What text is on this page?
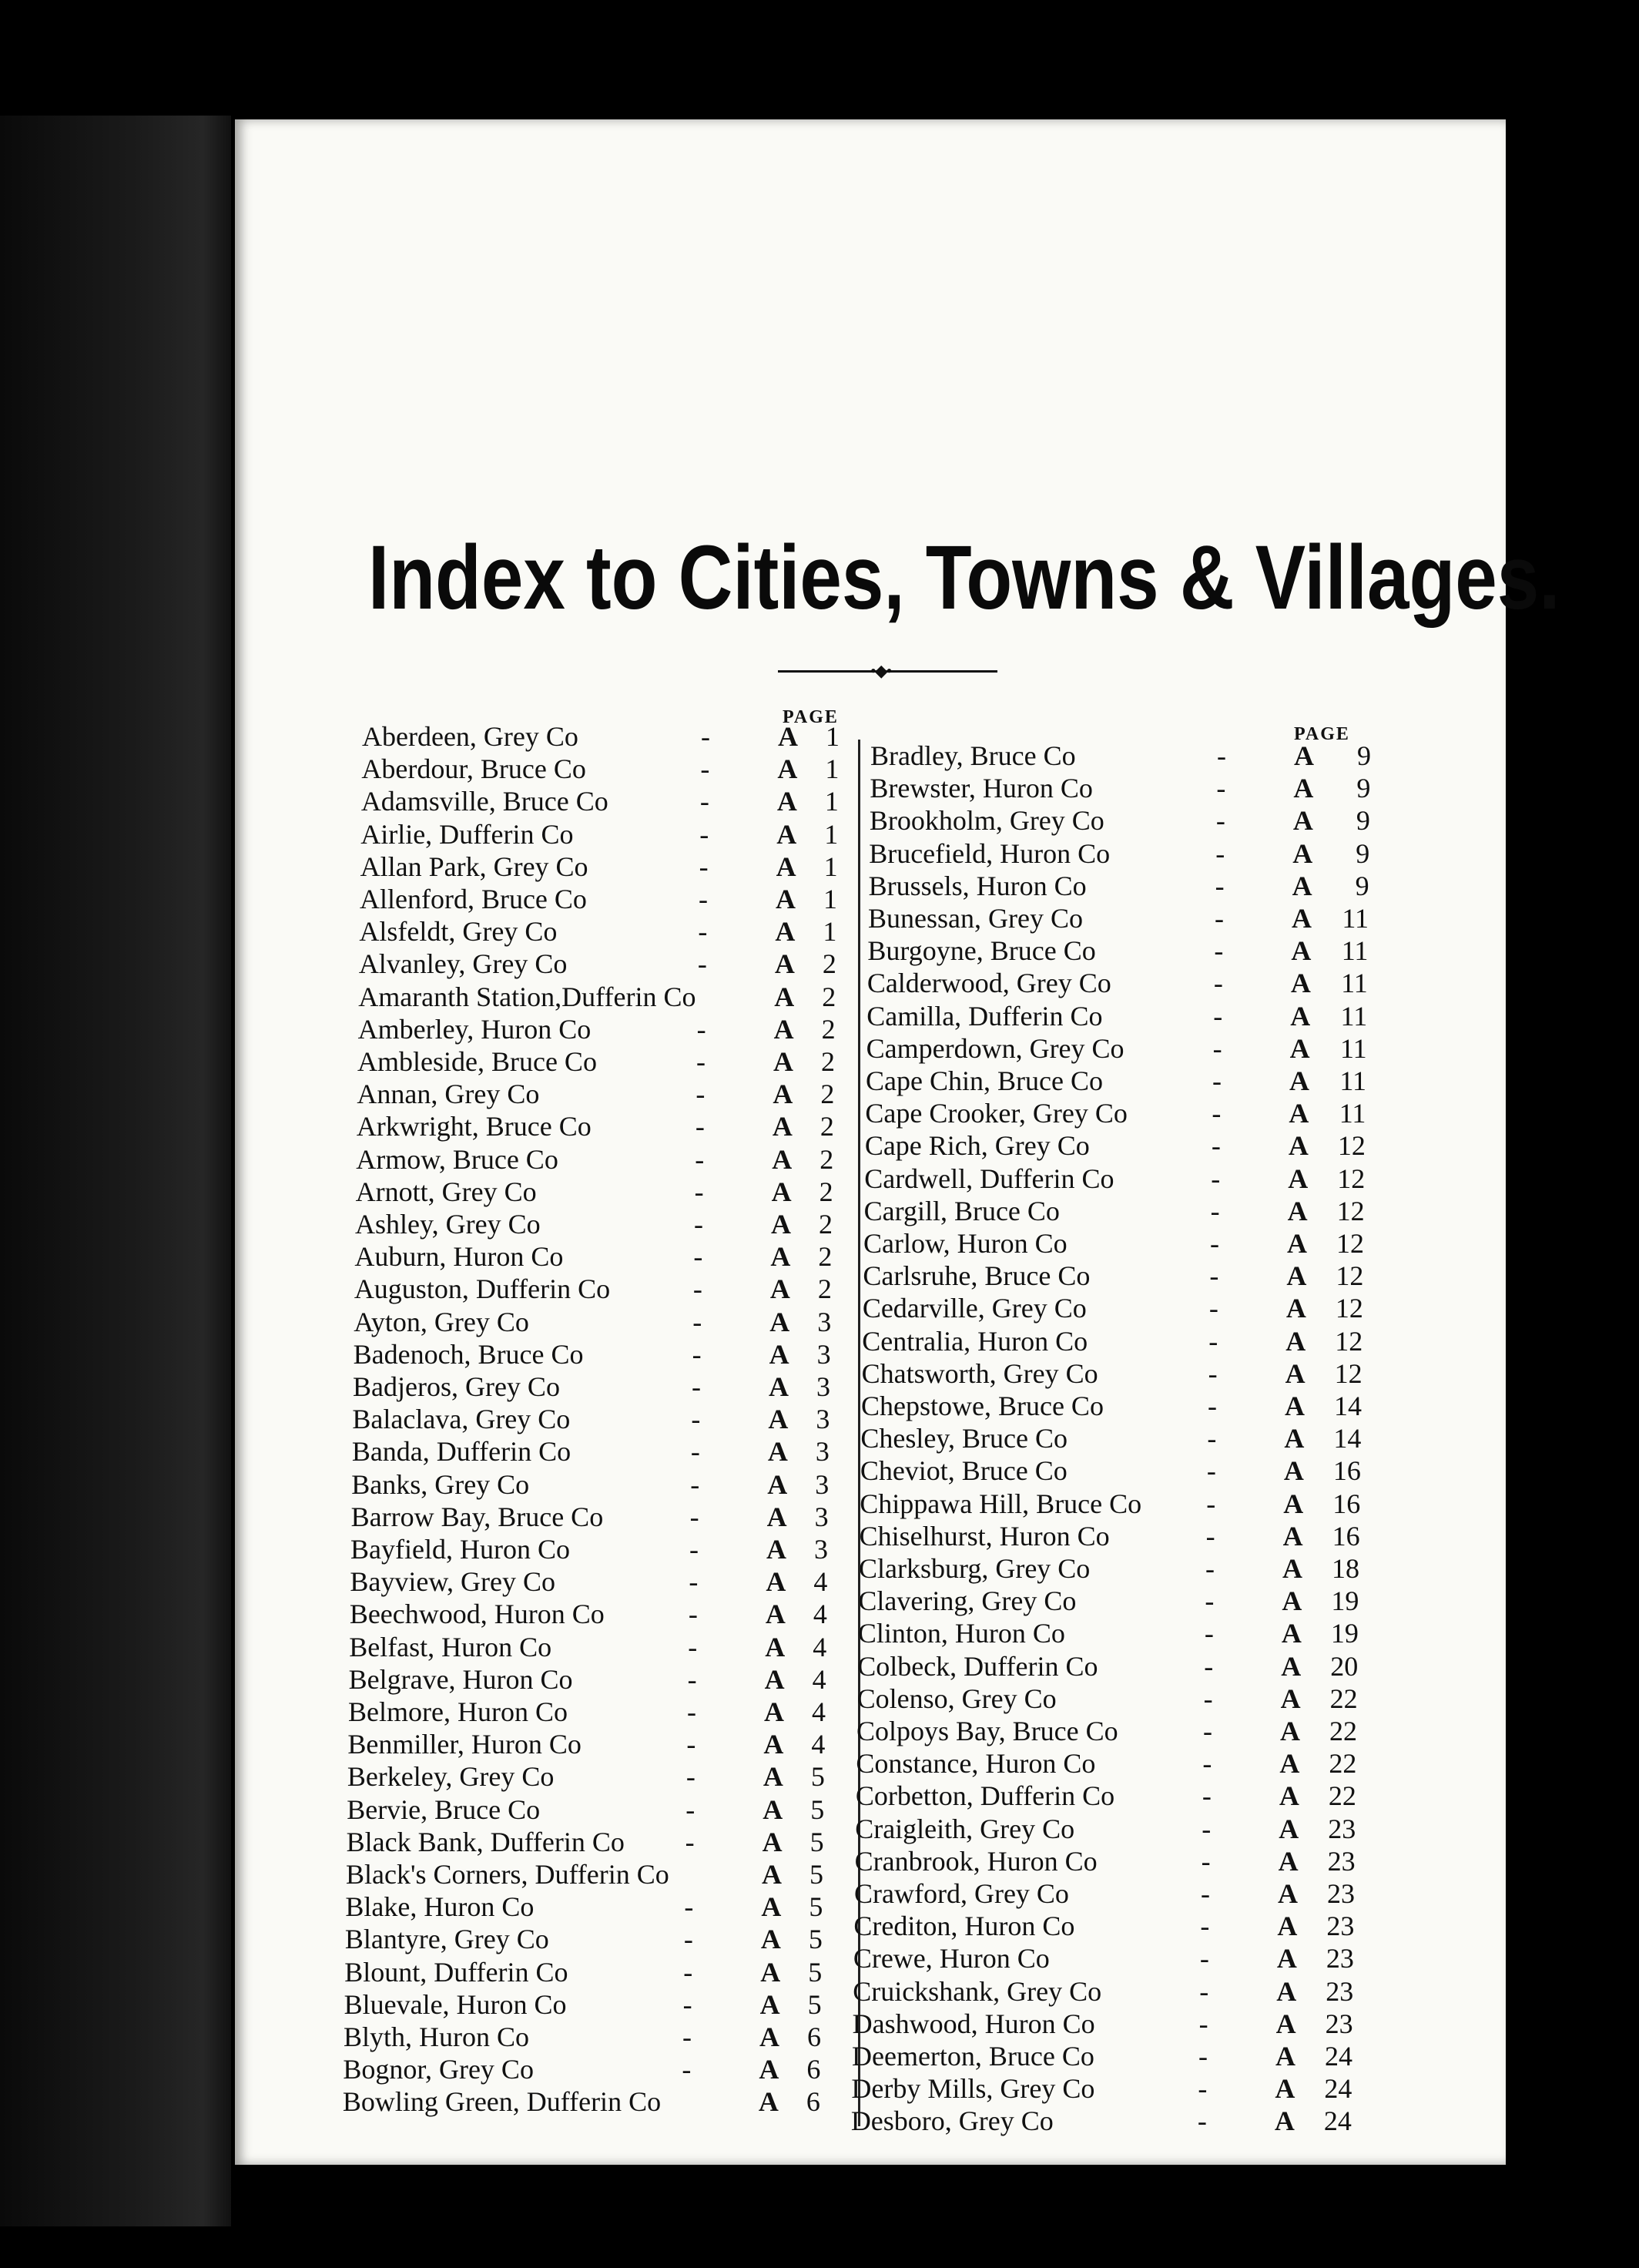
Index to Cities, Towns & Villages.
•◆•
PAGE
PAGE
Aberdeen, Grey Co	- A	1
Aberdour, Bruce Co	- A	1
Adamsville, Bruce Co	- A	1
Airlie, Dufferin Co	- A	1
Allan Park, Grey Co	- A	1
Allenford, Bruce Co	- A	1
Alsfeldt, Grey Co	- A	1
Alvanley, Grey Co	- A	2
Amaranth Station,Dufferin Co	A	2
Amberley, Huron Co	- A	2
Ambleside, Bruce Co	- A	2
Annan, Grey Co	- A	2
Arkwright, Bruce Co	- A	2
Armow, Bruce Co	- A	2
Arnott, Grey Co	- A	2
Ashley, Grey Co	- A	2
Auburn, Huron Co	- A	2
Auguston, Dufferin Co	- A	2
Ayton, Grey Co	- A	3
Badenoch, Bruce Co	- A	3
Badjeros, Grey Co	- A	3
Balaclava, Grey Co	- A	3
Banda, Dufferin Co	- A	3
Banks, Grey Co	- A	3
Barrow Bay, Bruce Co	- A	3
Bayfield, Huron Co	- A	3
Bayview, Grey Co	- A	4
Beechwood, Huron Co	- A	4
Belfast, Huron Co	- A	4
Belgrave, Huron Co	- A	4
Belmore, Huron Co	- A	4
Benmiller, Huron Co	- A	4
Berkeley, Grey Co	- A	5
Bervie, Bruce Co	- A	5
Black Bank, Dufferin Co - A	5
Black's Corners, Dufferin Co	A	5
Blake, Huron Co	- A	5
Blantyre, Grey Co	- A	5
Blount, Dufferin Co	- A	5
Bluevale, Huron Co	- A	5
Blyth, Huron Co	- A	6
Bognor, Grey Co	- A	6
Bowling Green, Dufferin Co	A	6
Bradley, Bruce Co	- A	9
Brewster, Huron Co	- A	9
Brookholm, Grey Co	- A	9
Brucefield, Huron Co	- A	9
Brussels, Huron Co	- A	9
Bunessan, Grey Co	- A	11
Burgoyne, Bruce Co	- A	11
Calderwood, Grey Co	- A	11
Camilla, Dufferin Co	- A	11
Camperdown, Grey Co	- A	11
Cape Chin, Bruce Co	- A	11
Cape Crooker, Grey Co	- A	11
Cape Rich, Grey Co	- A	12
Cardwell, Dufferin Co	- A	12
Cargill, Bruce Co	- A	12
Carlow, Huron Co	- A	12
Carlsruhe, Bruce Co	- A	12
Cedarville, Grey Co	- A	12
Centralia, Huron Co	- A	12
Chatsworth, Grey Co	- A	12
Chepstowe, Bruce Co	- A	14
Chesley, Bruce Co	- A	14
Cheviot, Bruce Co	- A	16
Chippawa Hill, Bruce Co - A	16
Chiselhurst, Huron Co	- A	16
Clarksburg, Grey Co	- A	18
Clavering, Grey Co	- A	19
Clinton, Huron Co	- A	19
Colbeck, Dufferin Co	- A	20
Colenso, Grey Co	- A	22
Colpoys Bay, Bruce Co	- A	22
Constance, Huron Co	- A	22
Corbetton, Dufferin Co	- A	22
Craigleith, Grey Co	- A	23
Cranbrook, Huron Co	- A	23
Crawford, Grey Co	- A	23
Crediton, Huron Co	- A	23
Crewe, Huron Co	- A	23
Cruickshank, Grey Co	- A	23
Dashwood, Huron Co	- A	23
Deemerton, Bruce Co	- A	24
Derby Mills, Grey Co	- A	24
Desboro, Grey Co	- A	24
